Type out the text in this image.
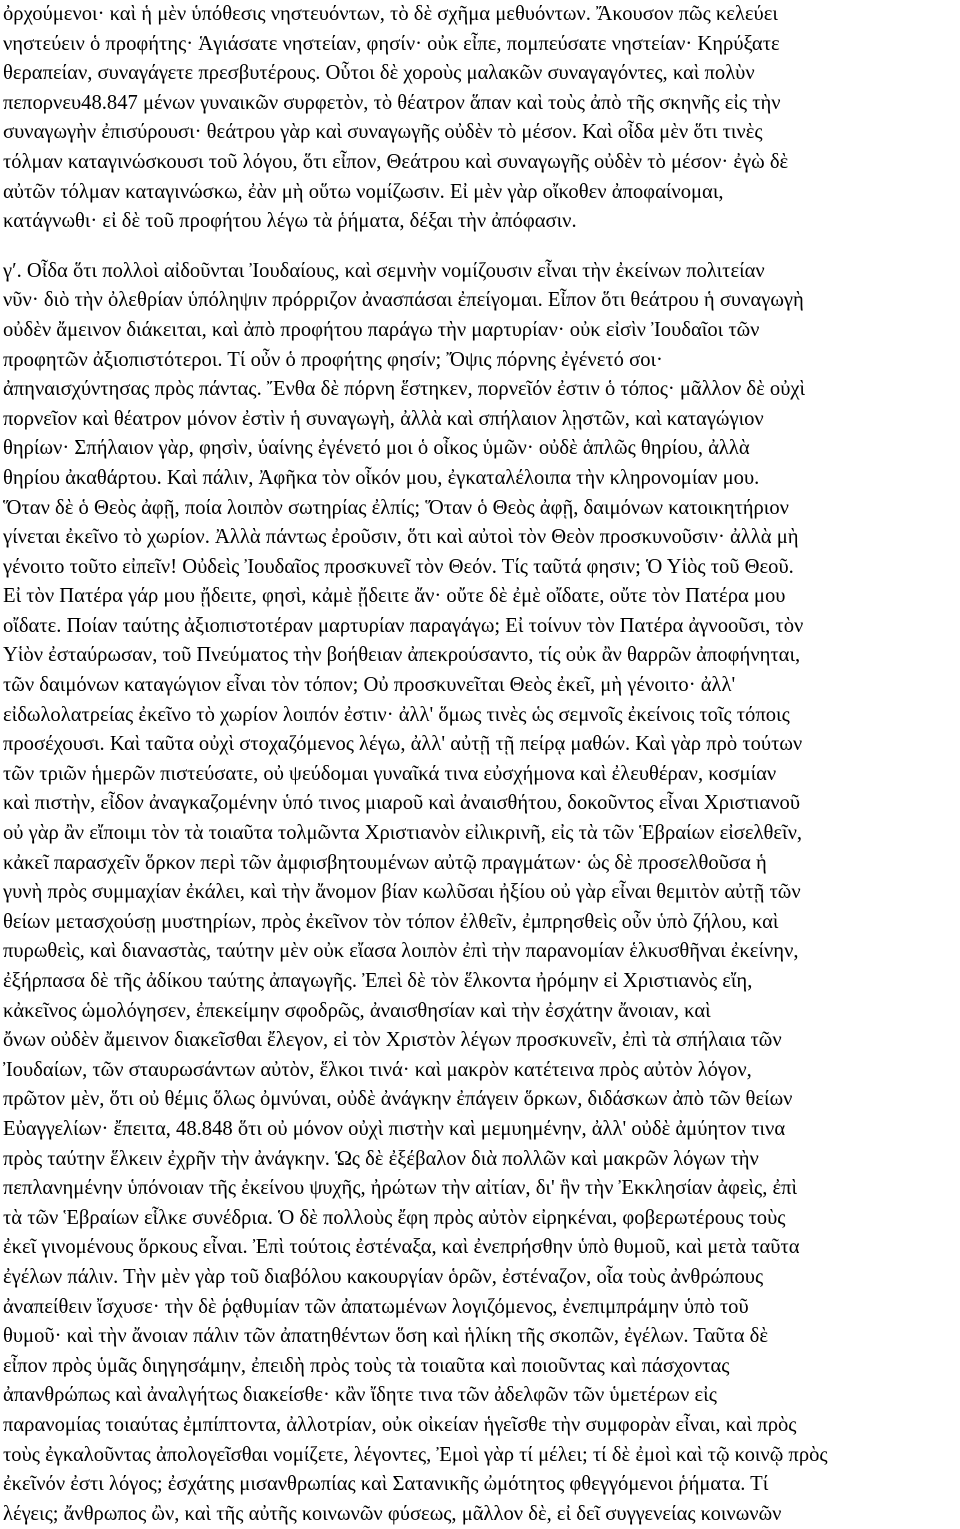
ὀρχούμενοι· καὶ ἡ μὲν ὑπόθεσις νηστευόντων, τὸ δὲ σχῆμα μεθυόντων. Ἄκουσον πῶς κελεύει
νηστεύειν ὁ προφήτης· Ἁγιάσατε νηστείαν, φησίν· οὐκ εἶπε, πομπεύσατε νηστείαν· Κηρύξατε
θεραπείαν, συναγάγετε πρεσβυτέρους. Οὗτοι δὲ χοροὺς μαλακῶν συναγαγόντες, καὶ πολὺν
πεπορνευ48.847 μένων γυναικῶν συρφετὸν, τὸ θέατρον ἅπαν καὶ τοὺς ἀπὸ τῆς σκηνῆς εἰς τὴν
συναγωγὴν ἐπισύρουσι· θεάτρου γὰρ καὶ συναγωγῆς οὐδὲν τὸ μέσον. Καὶ οἶδα μὲν ὅτι τινὲς
τόλμαν καταγινώσκουσι τοῦ λόγου, ὅτι εἶπον, Θεάτρου καὶ συναγωγῆς οὐδὲν τὸ μέσον· ἐγὼ δὲ
αὐτῶν τόλμαν καταγινώσκω, ἐὰν μὴ οὕτω νομίζωσιν. Εἰ μὲν γὰρ οἴκοθεν ἀποφαίνομαι,
κατάγνωθι· εἰ δὲ τοῦ προφήτου λέγω τὰ ῥήματα, δέξαι τὴν ἀπόφασιν.
γʹ. Οἶδα ὅτι πολλοὶ αἰδοῦνται Ἰουδαίους, καὶ σεμνὴν νομίζουσιν εἶναι τὴν ἐκείνων πολιτείαν
νῦν· διὸ τὴν ὀλεθρίαν ὑπόληψιν πρόρριζον ἀνασπάσαι ἐπείγομαι. Εἶπον ὅτι θεάτρου ἡ συναγωγὴ
οὐδὲν ἄμεινον διάκειται, καὶ ἀπὸ προφήτου παράγω τὴν μαρτυρίαν· οὐκ εἰσὶν Ἰουδαῖοι τῶν
προφητῶν ἀξιοπιστότεροι. Τί οὖν ὁ προφήτης φησίν; Ὄψις πόρνης ἐγένετό σοι·
ἀπηναισχύντησας πρὸς πάντας. Ἔνθα δὲ πόρνη ἕστηκεν, πορνεῖόν ἐστιν ὁ τόπος· μᾶλλον δὲ οὐχὶ
πορνεῖον καὶ θέατρον μόνον ἐστὶν ἡ συναγωγὴ, ἀλλὰ καὶ σπήλαιον λῃστῶν, καὶ καταγώγιον
θηρίων· Σπήλαιον γὰρ, φησὶν, ὑαίνης ἐγένετό μοι ὁ οἶκος ὑμῶν· οὐδὲ ἁπλῶς θηρίου, ἀλλὰ
θηρίου ἀκαθάρτου. Καὶ πάλιν, Ἀφῆκα τὸν οἶκόν μου, ἐγκαταλέλοιπα τὴν κληρονομίαν μου.
Ὅταν δὲ ὁ Θεὸς ἀφῇ, ποία λοιπὸν σωτηρίας ἐλπίς; Ὅταν ὁ Θεὸς ἀφῇ, δαιμόνων κατοικητήριον
γίνεται ἐκεῖνο τὸ χωρίον. Ἀλλὰ πάντως ἐροῦσιν, ὅτι καὶ αὐτοὶ τὸν Θεὸν προσκυνοῦσιν· ἀλλὰ μὴ
γένοιτο τοῦτο εἰπεῖν! Οὐδεὶς Ἰουδαῖος προσκυνεῖ τὸν Θεόν. Τίς ταῦτά φησιν; Ὁ Υἱὸς τοῦ Θεοῦ.
Εἰ τὸν Πατέρα γάρ μου ᾔδειτε, φησὶ, κἀμὲ ᾔδειτε ἄν· οὔτε δὲ ἐμὲ οἴδατε, οὔτε τὸν Πατέρα μου
οἴδατε. Ποίαν ταύτης ἀξιοπιστοτέραν μαρτυρίαν παραγάγω; Εἰ τοίνυν τὸν Πατέρα ἀγνοοῦσι, τὸν
Υἱὸν ἐσταύρωσαν, τοῦ Πνεύματος τὴν βοήθειαν ἀπεκρούσαντο, τίς οὐκ ἂν θαρρῶν ἀποφήνηται,
τῶν δαιμόνων καταγώγιον εἶναι τὸν τόπον; Οὐ προσκυνεῖται Θεὸς ἐκεῖ, μὴ γένοιτο· ἀλλ'
εἰδωλολατρείας ἐκεῖνο τὸ χωρίον λοιπόν ἐστιν· ἀλλ' ὅμως τινὲς ὡς σεμνοῖς ἐκείνοις τοῖς τόποις
προσέχουσι. Καὶ ταῦτα οὐχὶ στοχαζόμενος λέγω, ἀλλ' αὐτῇ τῇ πείρᾳ μαθών. Καὶ γὰρ πρὸ τούτων
τῶν τριῶν ἡμερῶν πιστεύσατε, οὐ ψεύδομαι γυναῖκά τινα εὐσχήμονα καὶ ἐλευθέραν, κοσμίαν
καὶ πιστὴν, εἶδον ἀναγκαζομένην ὑπό τινος μιαροῦ καὶ ἀναισθήτου, δοκοῦντος εἶναι Χριστιανοῦ
οὐ γὰρ ἂν εἴποιμι τὸν τὰ τοιαῦτα τολμῶντα Χριστιανὸν εἰλικρινῆ, εἰς τὰ τῶν Ἑβραίων εἰσελθεῖν,
κἀκεῖ παρασχεῖν ὅρκον περὶ τῶν ἀμφισβητουμένων αὐτῷ πραγμάτων· ὡς δὲ προσελθοῦσα ἡ
γυνὴ πρὸς συμμαχίαν ἐκάλει, καὶ τὴν ἄνομον βίαν κωλῦσαι ἠξίου οὐ γὰρ εἶναι θεμιτὸν αὐτῇ τῶν
θείων μετασχούσῃ μυστηρίων, πρὸς ἐκεῖνον τὸν τόπον ἐλθεῖν, ἐμπρησθεὶς οὖν ὑπὸ ζήλου, καὶ
πυρωθεὶς, καὶ διαναστὰς, ταύτην μὲν οὐκ εἴασα λοιπὸν ἐπὶ τὴν παρανομίαν ἑλκυσθῆναι ἐκείνην,
ἐξήρπασα δὲ τῆς ἀδίκου ταύτης ἀπαγωγῆς. Ἐπεὶ δὲ τὸν ἕλκοντα ἠρόμην εἰ Χριστιανὸς εἴη,
κἀκεῖνος ὡμολόγησεν, ἐπεκείμην σφοδρῶς, ἀναισθησίαν καὶ τὴν ἐσχάτην ἄνοιαν, καὶ
ὄνων οὐδὲν ἄμεινον διακεῖσθαι ἔλεγον, εἰ τὸν Χριστὸν λέγων προσκυνεῖν, ἐπὶ τὰ σπήλαια τῶν
Ἰουδαίων, τῶν σταυρωσάντων αὐτὸν, ἕλκοι τινά· καὶ μακρὸν κατέτεινα πρὸς αὐτὸν λόγον,
πρῶτον μὲν, ὅτι οὐ θέμις ὅλως ὀμνύναι, οὐδὲ ἀνάγκην ἐπάγειν ὅρκων, διδάσκων ἀπὸ τῶν θείων
Εὐαγγελίων· ἔπειτα, 48.848 ὅτι οὐ μόνον οὐχὶ πιστὴν καὶ μεμυημένην, ἀλλ' οὐδὲ ἀμύητον τινα
πρὸς ταύτην ἕλκειν ἐχρῆν τὴν ἀνάγκην. Ὡς δὲ ἐξέβαλον διὰ πολλῶν καὶ μακρῶν λόγων τὴν
πεπλανημένην ὑπόνοιαν τῆς ἐκείνου ψυχῆς, ἠρώτων τὴν αἰτίαν, δι' ἣν τὴν Ἐκκλησίαν ἀφεὶς, ἐπὶ
τὰ τῶν Ἑβραίων εἷλκε συνέδρια. Ὁ δὲ πολλοὺς ἔφη πρὸς αὐτὸν εἰρηκέναι, φοβερωτέρους τοὺς
ἐκεῖ γινομένους ὅρκους εἶναι. Ἐπὶ τούτοις ἐστέναξα, καὶ ἐνεπρήσθην ὑπὸ θυμοῦ, καὶ μετὰ ταῦτα
ἐγέλων πάλιν. Τὴν μὲν γὰρ τοῦ διαβόλου κακουργίαν ὁρῶν, ἐστέναζον, οἷα τοὺς ἀνθρώπους
ἀναπείθειν ἴσχυσε· τὴν δὲ ῥᾳθυμίαν τῶν ἀπατωμένων λογιζόμενος, ἐνεπιμπράμην ὑπὸ τοῦ
θυμοῦ· καὶ τὴν ἄνοιαν πάλιν τῶν ἀπατηθέντων ὅση καὶ ἡλίκη τῆς σκοπῶν, ἐγέλων. Ταῦτα δὲ
εἶπον πρὸς ὑμᾶς διηγησάμην, ἐπειδὴ πρὸς τοὺς τὰ τοιαῦτα καὶ ποιοῦντας καὶ πάσχοντας
ἀπανθρώπως καὶ ἀναλγήτως διακείσθε· κἂν ἴδητε τινα τῶν ἀδελφῶν τῶν ὑμετέρων εἰς
παρανομίας τοιαύτας ἐμπίπτοντα, ἀλλοτρίαν, οὐκ οἰκείαν ἡγεῖσθε τὴν συμφορὰν εἶναι, καὶ πρὸς
τοὺς ἐγκαλοῦντας ἀπολογεῖσθαι νομίζετε, λέγοντες, Ἐμοὶ γὰρ τί μέλει; τί δὲ ἐμοὶ καὶ τῷ κοινῷ πρὸς
ἐκεῖνόν ἐστι λόγος; ἐσχάτης μισανθρωπίας καὶ Σατανικῆς ὠμότητος φθεγγόμενοι ῥήματα. Τί
λέγεις; ἄνθρωπος ὢν, καὶ τῆς αὐτῆς κοινωνῶν φύσεως, μᾶλλον δὲ, εἰ δεῖ συγγενείας κοινωνῶν
